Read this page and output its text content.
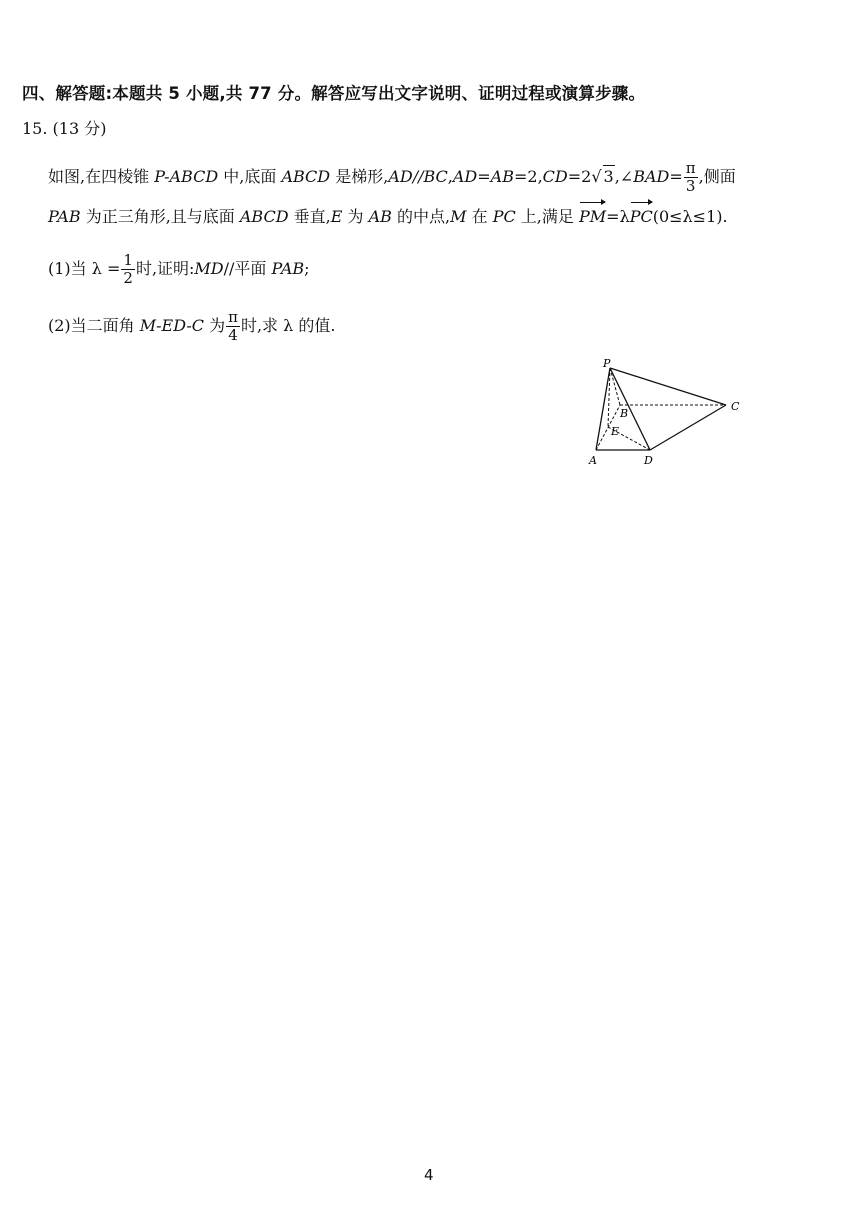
四、解答题:本题共 5 小题,共 77 分。解答应写出文字说明、证明过程或演算步骤。
15. (13 分)
如图,在四棱锥 P-ABCD 中,底面 ABCD 是梯形,AD//BC,AD=AB=2,CD=2√ 3,∠BAD= $\frac{\pi}{3}$ ,侧面
PAB 为正三角形,且与底面 ABCD 垂直,E 为 AB 的中点,M 在 PC 上,满足 PM=λPC(0≤λ≤1).
(1)当 $\lambda = \frac{1}{2}$ 时,证明:MD//平面 PAB;
(2)当二面角 M-ED-C 为 $\frac{\pi}{4}$ 时,求 λ 的值.
P
A
B
C
D
E
4
